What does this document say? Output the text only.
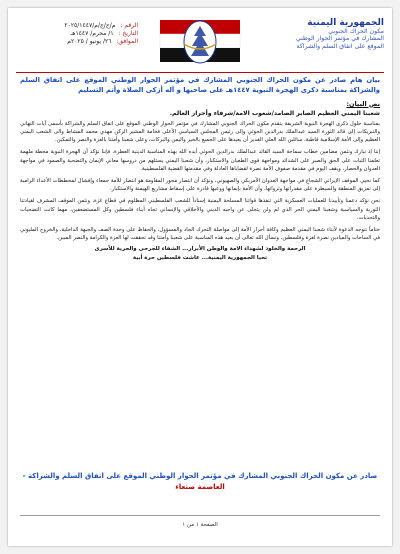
الجمهورية اليمنية
مكون الحراك الجنوبي
المشارك في مؤتمر الحوار الوطني
الموقع على اتفاق السلم والشراكة
الرقم : م/ح/ج/م/٢٠٢٥/١٤٤٧
التاريخ : ١/ محرم/ ١٤٤٧هـ
الموافق: ٢٦/ يونيو / ٢٠٢٥م
بيان هام صادر عن مكون الحراك الجنوبي المشارك في مؤتمر الحوار الوطني الموقع على اتفاق السلم والشراكة بمناسبة ذكرى الهجرة النبوية ١٤٤٧هـ على صاحبها و آله أزكى الصلاة وأتم التسليم
نص البيان:
شعبنا اليمني العظيم الصابر الصامد/شعوب الامة/شرفاء وأحرار العالم.

بمناسبة حلول ذكرى الهجرة النبوية الشريفة يتقدم مكون الحراك الجنوبي المشارك في مؤتمر الحوار الوطني الموقع على اتفاق السلم والشراكة بأسمى آيات التهاني والتبريكات إلى قائد الثورة السيد عبدالملك بدرالدين الحوثي وإلى رئيس المجلس السياسي الأعلى فخامة المشير الركن مهدي محمد المشاط والى الشعب اليمني العظيم وإلى الأمة الإسلامية قاطبة، سائلين الله العلي القدير أن يعيدها على الجميع بالخير واليمن والبركات، وعلى شعبنا وأمتنا بالعزة والنصر والتمكين.

إننا إذ نبارك ونثمن مضامين خطاب سماحة السيد القائد عبدالملك بدرالدين الحوثي أيده الله بهذه المناسبة الدينية العطرة، فإننا نؤكد أن الهجرة النبوية محطة ملهمة تعلمنا الثبات على الحق والصبر على الشدائد ومواجهة قوى الطغيان والاستكبار، وأن شعبنا اليمني يستلهم من دروسها معاني الإيمان والتضحية والصمود في مواجهة العدوان والحصار، ويقف اليوم في مقدمة صفوف الأمة نصرة لقضاياها العادلة وفي مقدمتها القضية الفلسطينية.

كما نحيي الموقف الإيراني الشجاع في مواجهة العدوان الأمريكي والصهيوني، ونؤكد أن انتصار محور المقاومة هو انتصار للأمة جمعاء وإفشال لمخططات الأعداء الرامية إلى تمزيق المنطقة والسيطرة على مقدراتها وثرواتها، وأن الأمة بإيمانها ووعيها قادرة على إسقاط مشاريع الهيمنة والاستكبار.

نحن نؤكد دعمنا وتأييدنا للعمليات العسكرية التي تنفذها قواتنا المسلحة اليمنية إسناداً للشعب الفلسطيني المظلوم في قطاع غزة، ونثمن الموقف المشرف لقيادتنا الثورية والسياسية وشعبنا اليمني الحر الذي لم ولن يتخلى عن واجبه الديني والأخلاقي والإنساني تجاه أبناء فلسطين وكل المستضعفين، مهما كانت التضحيات والتحديات.

ختاماً نتوجه الدعوة لأبناء شعبنا اليمني العظيم وكافة أحرار الأمة إلى مواصلة التحرك الجاد والمسؤول، والحفاظ على وحدة الصف والجبهة الداخلية، والخروج المليوني في الساحات والميادين نصرة لغزة وفلسطين، ونسأل الله تعالى أن يعيد هذه المناسبة على شعبنا وأمتنا وقد تحققت لها العزة والكرامة والنصر المبين.

الرحمة والخلود لشهداء الامة والوطن الأبرار... الشفاء للجرحى والحرية للأسرى
تحيا الجمهورية اليمنية... عاشت فلسطين حرة أبية
صادر عن مكون الحراك الجنوبي المشارك في مؤتمر الحوار الوطني الموقع على اتفاق السلم والشراكة -
العاصمة صنعاء
الصفحة ١ من ١
